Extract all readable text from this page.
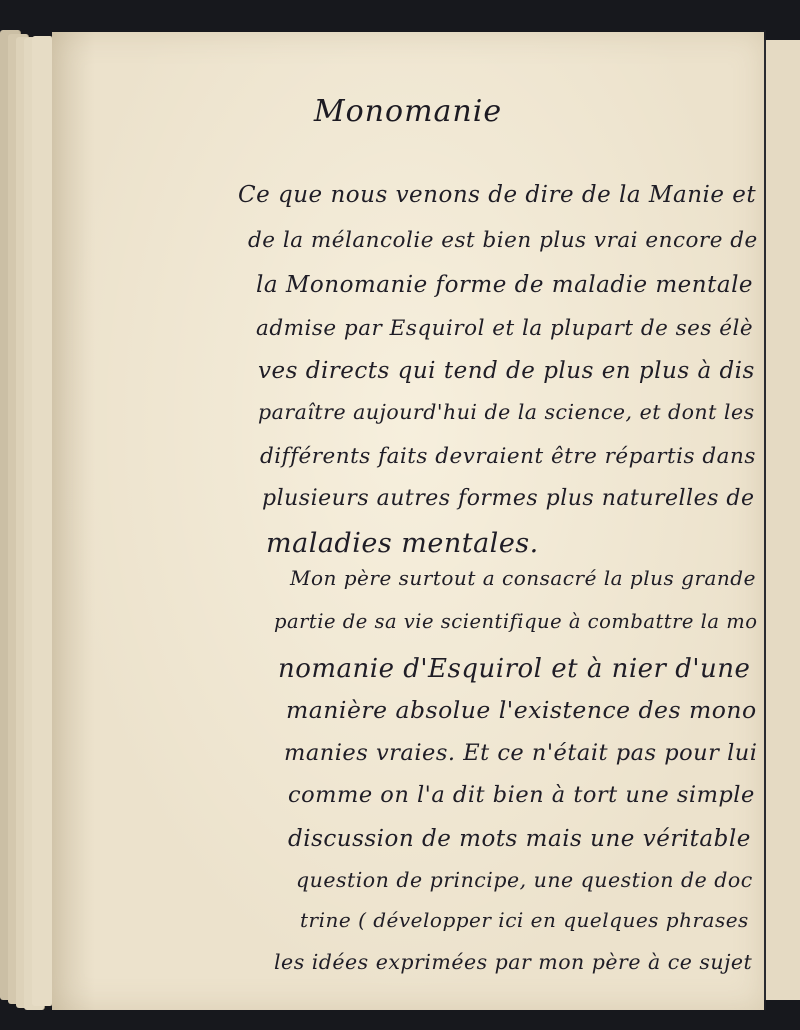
Monomanie
Ce que nous venons de dire de la Manie et
de la mélancolie est bien plus vrai encore de
la Monomanie forme de maladie mentale
admise par Esquirol et la plupart de ses élè
ves directs qui tend de plus en plus à dis
paraître aujourd'hui de la science, et dont les
différents faits devraient être répartis dans
plusieurs autres formes plus naturelles de
maladies mentales.
Mon père surtout a consacré la plus grande
partie de sa vie scientifique à combattre la mo
nomanie d'Esquirol et à nier d'une
manière absolue l'existence des mono
manies vraies. Et ce n'était pas pour lui
comme on l'a dit bien à tort une simple
discussion de mots mais une véritable
question de principe, une question de doc
trine ( développer ici en quelques phrases
les idées exprimées par mon père à ce sujet
